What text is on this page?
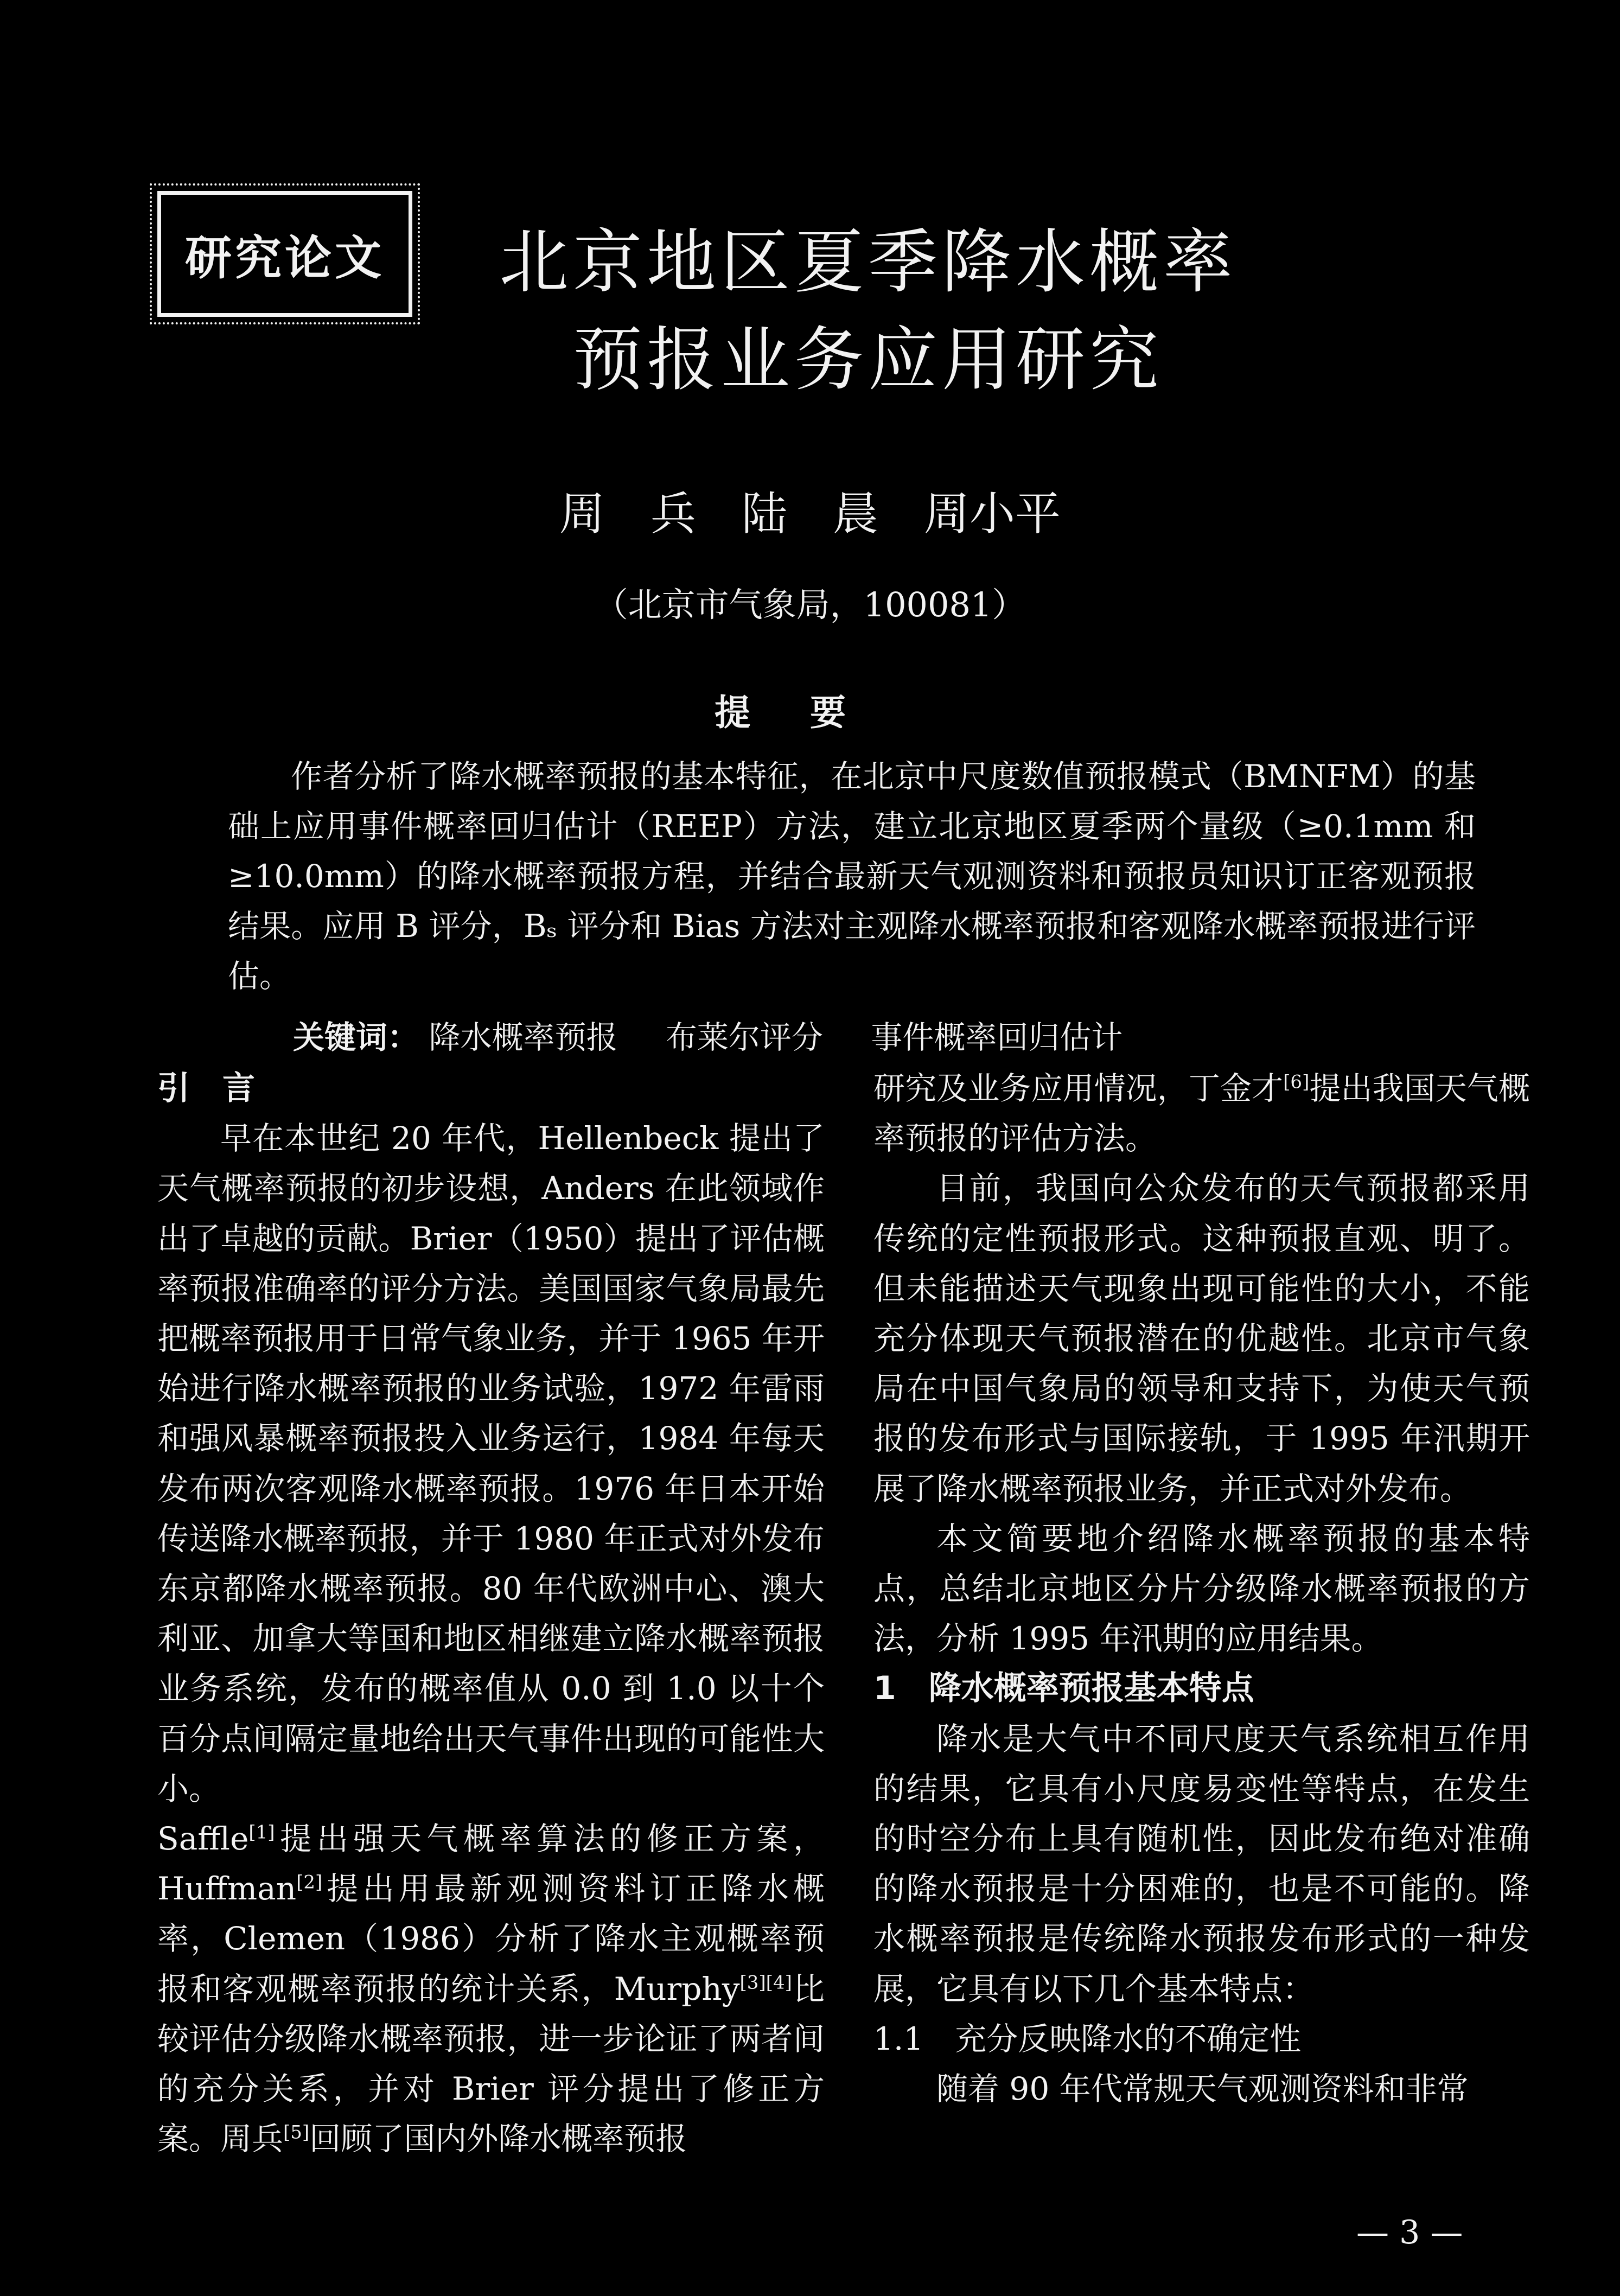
研究论文 北京地区夏季降水概率
预报业务应用研究
周　兵　陆　晨　周小平
（北京市气象局，100081）
提要
作者分析了降水概率预报的基本特征，在北京中尺度数值预报模式（BMNFM）的基础上应用事件概率回归估计（REEP）方法，建立北京地区夏季两个量级（≥0.1mm 和≥10.0mm）的降水概率预报方程，并结合最新天气观测资料和预报员知识订正客观预报结果。应用 B 评分，Bₛ 评分和 Bias 方法对主观降水概率预报和客观降水概率预报进行评估。
关键词： 降水概率预报 布莱尔评分 事件概率回归估计
引　言

早在本世纪 20 年代，Hellenbeck 提出了天气概率预报的初步设想，Anders 在此领域作出了卓越的贡献。Brier（1950）提出了评估概率预报准确率的评分方法。美国国家气象局最先把概率预报用于日常气象业务，并于 1965 年开始进行降水概率预报的业务试验，1972 年雷雨和强风暴概率预报投入业务运行，1984 年每天发布两次客观降水概率预报。1976 年日本开始传送降水概率预报，并于 1980 年正式对外发布东京都降水概率预报。80 年代欧洲中心、澳大利亚、加拿大等国和地区相继建立降水概率预报业务系统，发布的概率值从 0.0 到 1.0 以十个百分点间隔定量地给出天气事件出现的可能性大小。

Saffle[1]提出强天气概率算法的修正方案，Huffman[2]提出用最新观测资料订正降水概率，Clemen（1986）分析了降水主观概率预报和客观概率预报的统计关系，Murphy[3][4]比较评估分级降水概率预报，进一步论证了两者间的充分关系，并对 Brier 评分提出了修正方案。周兵[5]回顾了国内外降水概率预报

研究及业务应用情况，丁金才[6]提出我国天气概率预报的评估方法。

目前，我国向公众发布的天气预报都采用传统的定性预报形式。这种预报直观、明了。但未能描述天气现象出现可能性的大小，不能充分体现天气预报潜在的优越性。北京市气象局在中国气象局的领导和支持下，为使天气预报的发布形式与国际接轨，于 1995 年汛期开展了降水概率预报业务，并正式对外发布。

本文简要地介绍降水概率预报的基本特点，总结北京地区分片分级降水概率预报的方法，分析 1995 年汛期的应用结果。

1　降水概率预报基本特点

降水是大气中不同尺度天气系统相互作用的结果，它具有小尺度易变性等特点，在发生的时空分布上具有随机性，因此发布绝对准确的降水预报是十分困难的，也是不可能的。降水概率预报是传统降水预报发布形式的一种发展，它具有以下几个基本特点：

1.1　充分反映降水的不确定性

随着 90 年代常规天气观测资料和非常

— 3 —
